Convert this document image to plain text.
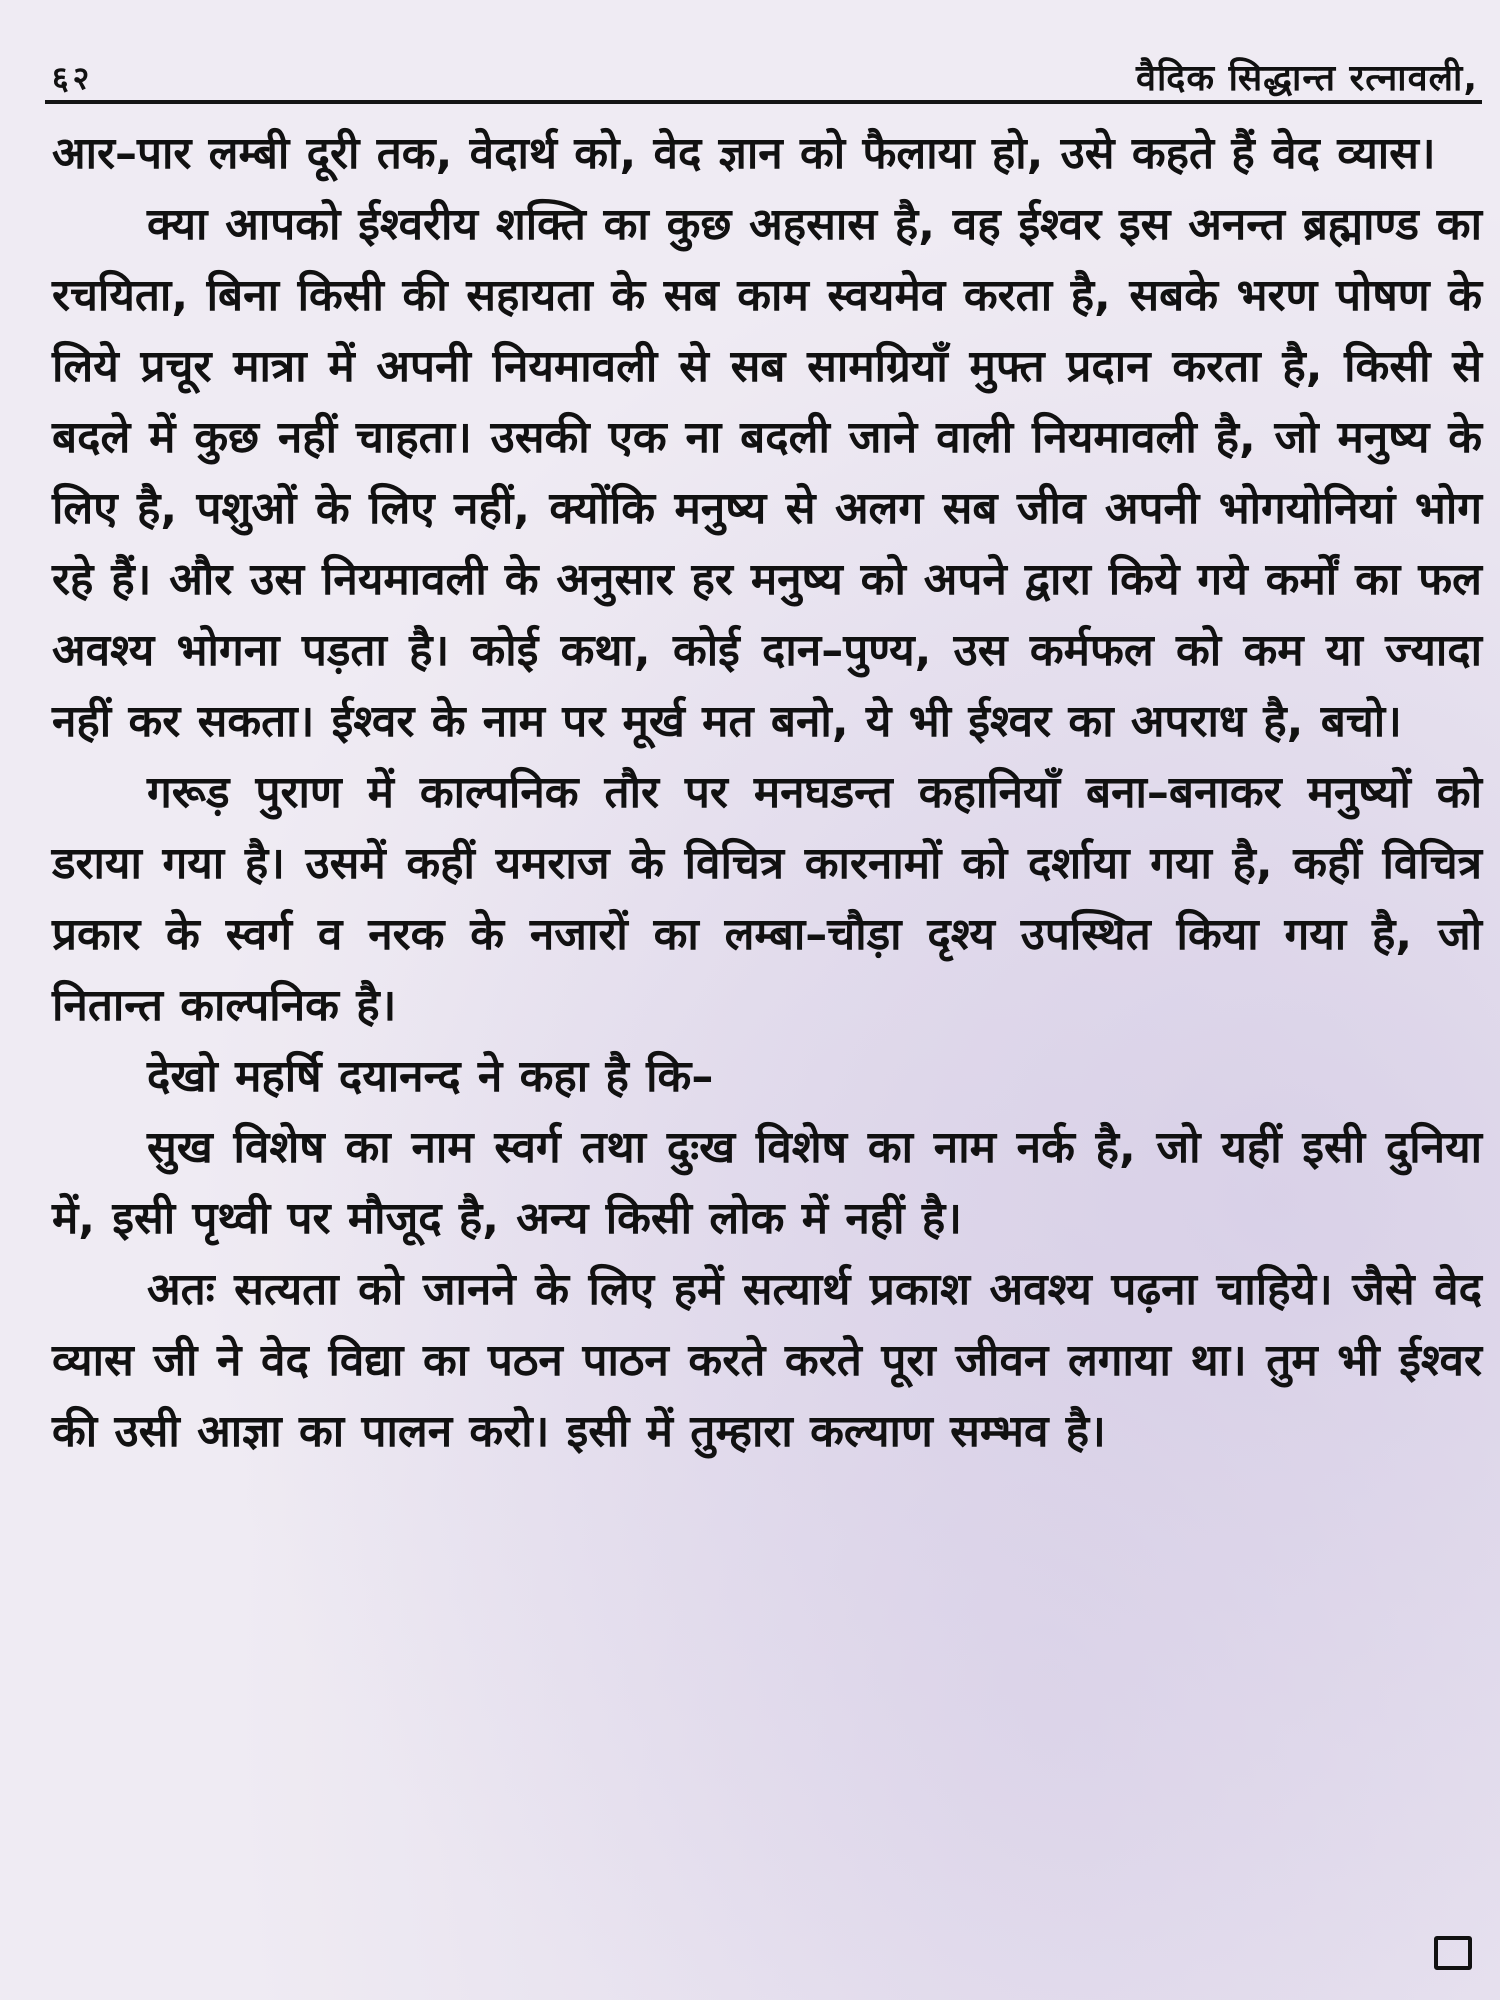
६२	वैदिक सिद्धान्त रत्नावली,

आर–पार लम्बी दूरी तक, वेदार्थ को, वेद ज्ञान को फैलाया हो, उसे कहते हैं वेद व्यास।

क्या आपको ईश्वरीय शक्ति का कुछ अहसास है, वह ईश्वर इस अनन्त ब्रह्माण्ड का रचयिता, बिना किसी की सहायता के सब काम स्वयमेव करता है, सबके भरण पोषण के लिये प्रचूर मात्रा में अपनी नियमावली से सब सामग्रियाँ मुफ्त प्रदान करता है, किसी से बदले में कुछ नहीं चाहता। उसकी एक ना बदली जाने वाली नियमावली है, जो मनुष्य के लिए है, पशुओं के लिए नहीं, क्योंकि मनुष्य से अलग सब जीव अपनी भोगयोनियां भोग रहे हैं। और उस नियमावली के अनुसार हर मनुष्य को अपने द्वारा किये गये कर्मों का फल अवश्य भोगना पड़ता है। कोई कथा, कोई दान–पुण्य, उस कर्मफल को कम या ज्यादा नहीं कर सकता। ईश्वर के नाम पर मूर्ख मत बनो, ये भी ईश्वर का अपराध है, बचो।

गरूड़ पुराण में काल्पनिक तौर पर मनघडन्त कहानियाँ बना–बनाकर मनुष्यों को डराया गया है। उसमें कहीं यमराज के विचित्र कारनामों को दर्शाया गया है, कहीं विचित्र प्रकार के स्वर्ग व नरक के नजारों का लम्बा–चौड़ा दृश्य उपस्थित किया गया है, जो नितान्त काल्पनिक है।

देखो महर्षि दयानन्द ने कहा है कि–

सुख विशेष का नाम स्वर्ग तथा दुःख विशेष का नाम नर्क है, जो यहीं इसी दुनिया में, इसी पृथ्वी पर मौजूद है, अन्य किसी लोक में नहीं है।

अतः सत्यता को जानने के लिए हमें सत्यार्थ प्रकाश अवश्य पढ़ना चाहिये। जैसे वेद व्यास जी ने वेद विद्या का पठन पाठन करते करते पूरा जीवन लगाया था। तुम भी ईश्वर की उसी आज्ञा का पालन करो। इसी में तुम्हारा कल्याण सम्भव है।
